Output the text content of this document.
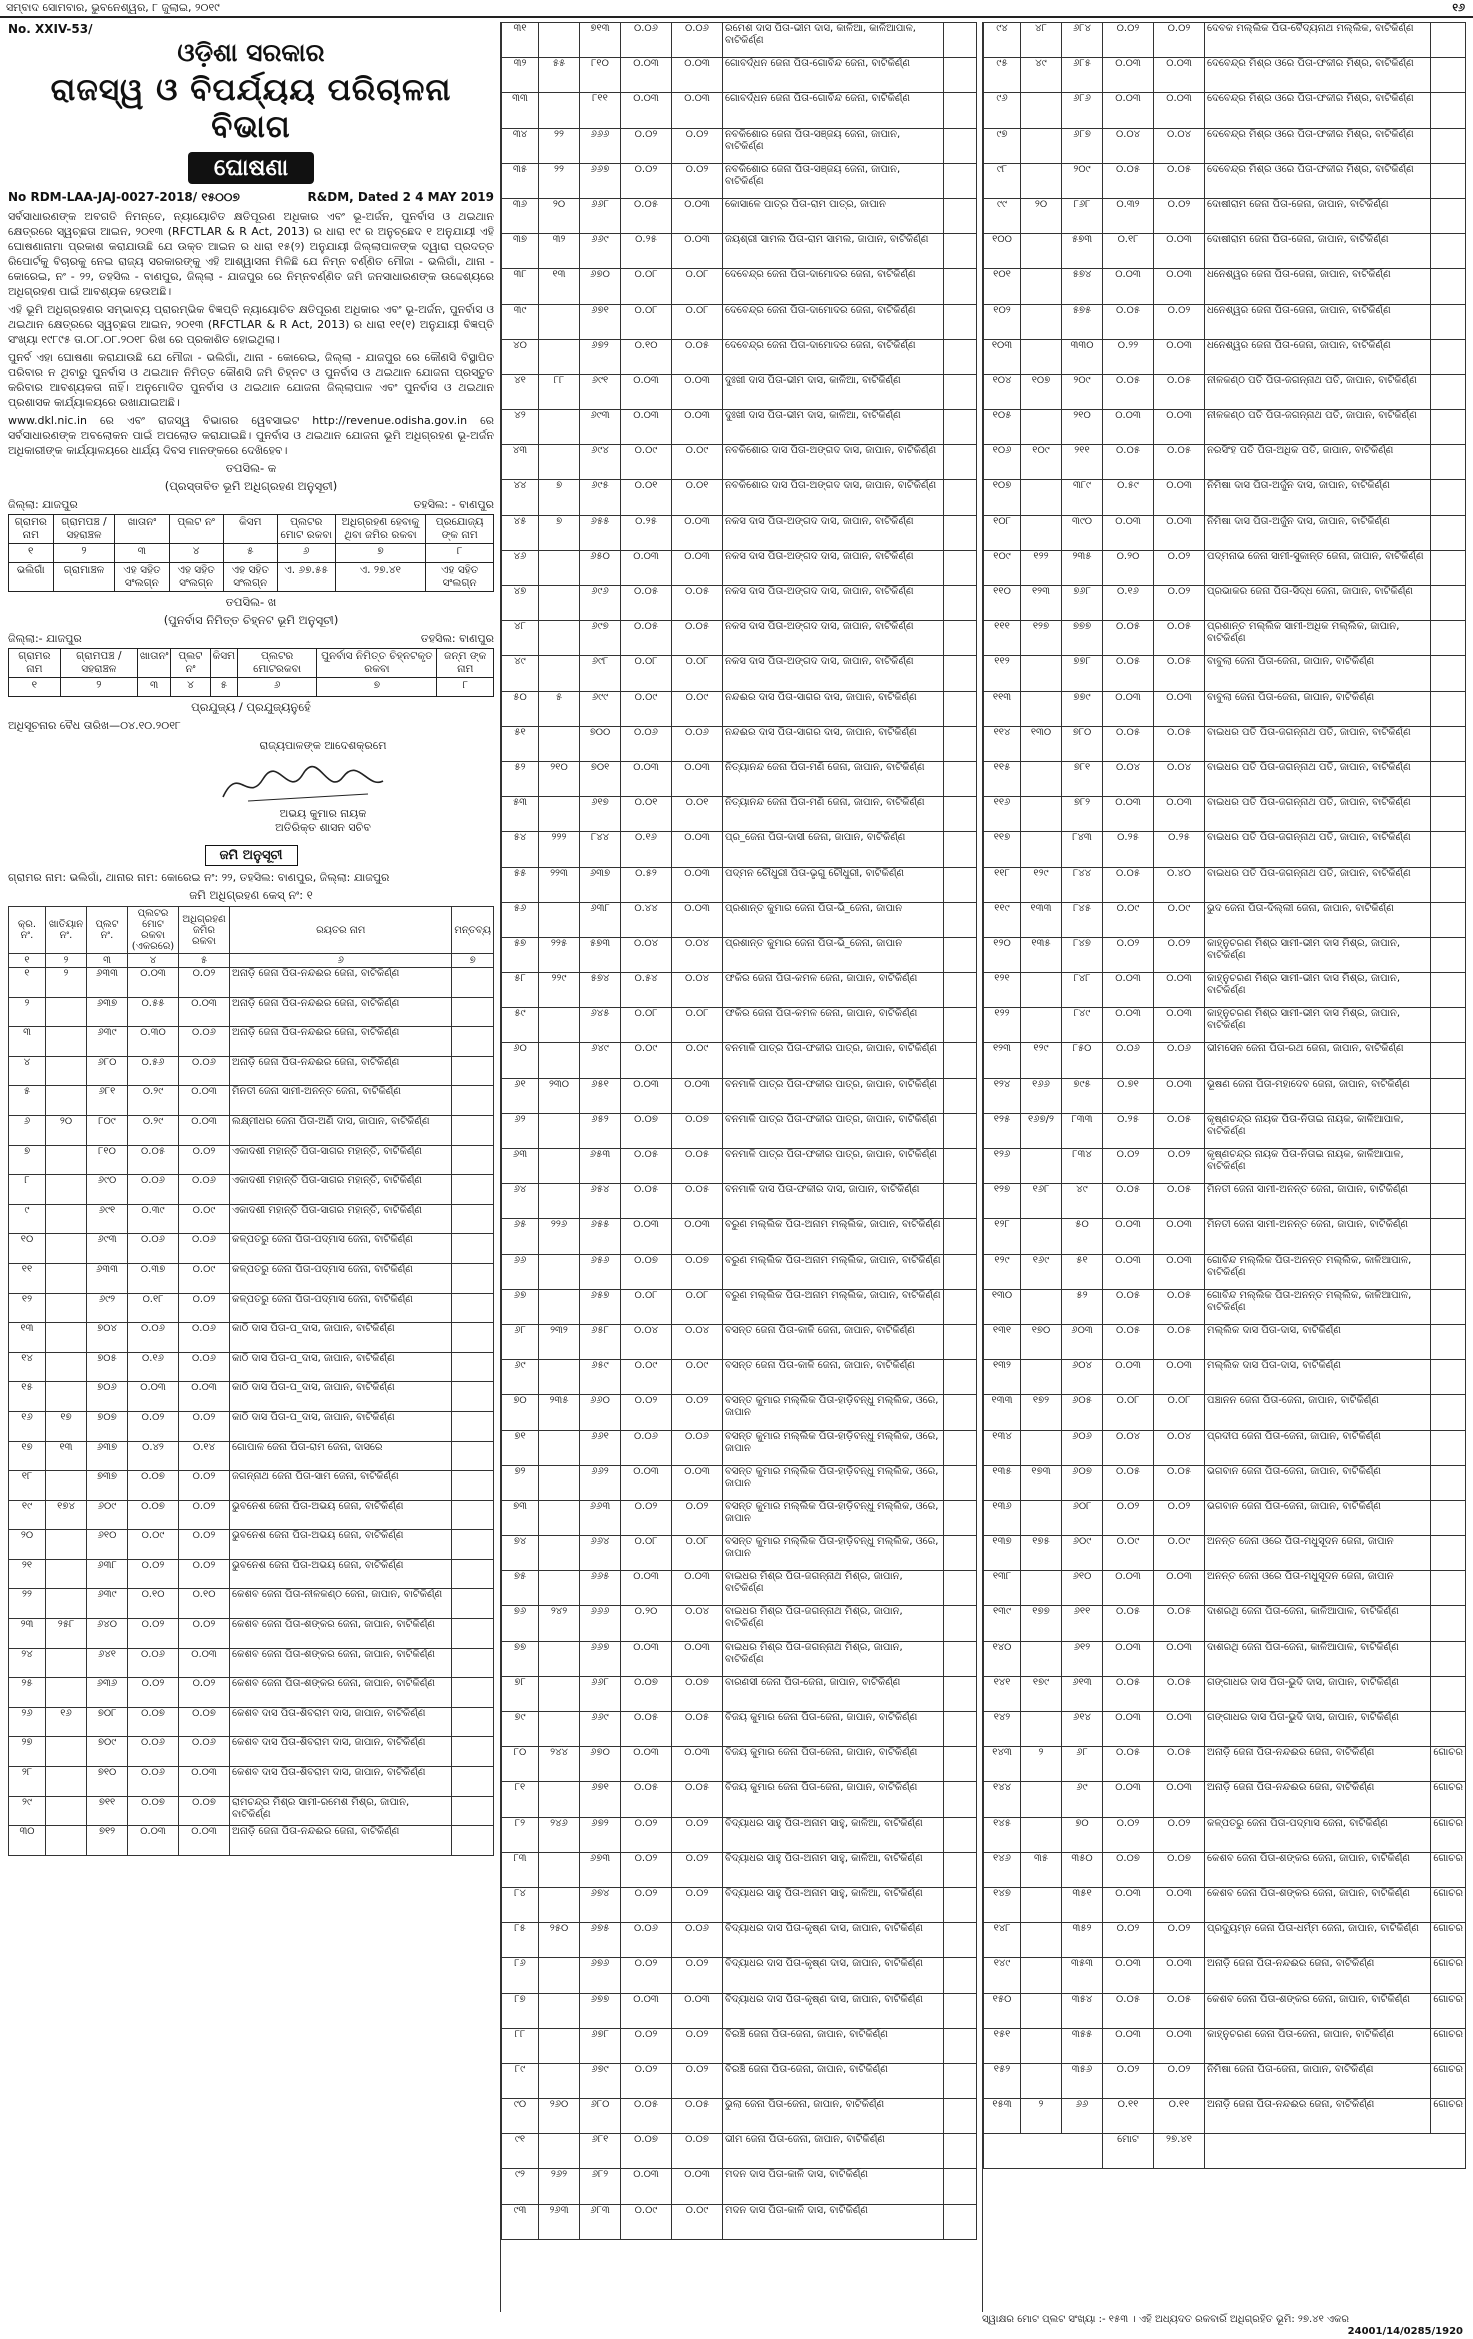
ସମ୍ବାଦ ସୋମବାର, ଭୁବନେଶ୍ୱର, ୮ ଜୁଲାଇ, ୨୦୧୯	୧୬
No. XXIV-53/
ଓଡ଼ିଶା ସରକାର
ରାଜସ୍ୱ ଓ ବିପର୍ଯ୍ୟୟ ପରିଚାଳନା ବିଭାଗ
ଘୋଷଣା
No RDM-LAA-JAJ-0027-2018/ ୧୫୦୦୭	R&DM, Dated 2 4 MAY 2019

ସର୍ବସାଧାରଣଙ୍କ ଅବଗତି ନିମନ୍ତେ, ନ୍ୟାୟୋଚିତ କ୍ଷତିପୂରଣ ଅଧିକାର ଏବଂ ଭୂ-ଅର୍ଜନ, ପୁନର୍ବାସ ଓ ଥଇଥାନ କ୍ଷେତ୍ରରେ ସ୍ୱଚ୍ଛତା ଆଇନ, ୨୦୧୩ (RFCTLAR & R Act, 2013) ର ଧାରା ୧୯ ର ଅନୁଚ୍ଛେଦ ୧ ଅନୁଯାୟୀ ଏହି ଘୋଷଣାନାମା ପ୍ରକାଶ କରାଯାଉଛି ଯେ ଉକ୍ତ ଆଇନ ର ଧାରା ୧୫(୨) ଅନୁଯାୟୀ ଜିଲ୍ଲାପାଳଙ୍କ ଦ୍ୱାରା ପ୍ରଦତ୍ତ ରିପୋର୍ଟକୁ ବିଚାରକୁ ନେଇ ରାଜ୍ୟ ସରକାରଙ୍କୁ ଏହି ଆଶ୍ୱାସନା ମିଳିଛି ଯେ ନିମ୍ନ ବର୍ଣ୍ଣିତ ମୌଜା - ଭଲିଗାଁ, ଥାନା - କୋରେଇ, ନଂ - ୨୨, ତହସିଲ - ବାଣପୁର, ଜିଲ୍ଲା - ଯାଜପୁର ରେ ନିମ୍ନବର୍ଣ୍ଣିତ ଜମି ଜନସାଧାରଣଙ୍କ ଉଦ୍ଦେଶ୍ୟରେ ଅଧିଗ୍ରହଣ ପାଇଁ ଆବଶ୍ୟକ ହେଉଅଛି।

ଏହି ଭୂମି ଅଧିଗ୍ରହଣର ସମ୍ଭାବ୍ୟ ପ୍ରାରମ୍ଭିକ ବିଜ୍ଞପ୍ତି ନ୍ୟାୟୋଚିତ କ୍ଷତିପୂରଣ ଅଧିକାର ଏବଂ ଭୂ-ଅର୍ଜନ, ପୁନର୍ବାସ ଓ ଥଇଥାନ କ୍ଷେତ୍ରରେ ସ୍ୱଚ୍ଛତା ଆଇନ, ୨୦୧୩ (RFCTLAR & R Act, 2013) ର ଧାରା ୧୧(୧) ଅନୁଯାୟୀ ବିଜ୍ଞପ୍ତି ସଂଖ୍ୟା ୧୯୮୯୫ ତା.୦୮.୦୮.୨୦୧୮ ରିଖ ରେ ପ୍ରକାଶିତ ହୋଇଥିଲା।

ପୁନର୍ବ ଏହା ଘୋଷଣା କରାଯାଉଛି ଯେ ମୌଜା - ଭଲିଗାଁ, ଥାନା - କୋରେଇ, ଜିଲ୍ଲା - ଯାଜପୁର ରେ କୌଣସି ବିସ୍ଥାପିତ ପରିବାର ନ ଥିବାରୁ ପୁନର୍ବାସ ଓ ଥଇଥାନ ନିମିତ୍ତ କୌଣସି ଜମି ଚିହ୍ନଟ ଓ ପୁନର୍ବାସ ଓ ଥଇଥାନ ଯୋଜନା ପ୍ରସ୍ତୁତ କରିବାର ଆବଶ୍ୟକତା ନାହିଁ। ଅନୁମୋଦିତ ପୁନର୍ବାସ ଓ ଥଇଥାନ ଯୋଜନା ଜିଲ୍ଲାପାଳ ଏବଂ ପୁନର୍ବାସ ଓ ଥଇଥାନ ପ୍ରଶାସକ କାର୍ଯ୍ୟାଳୟରେ ରଖାଯାଇଅଛି।

www.dkl.nic.in ରେ ଏବଂ ରାଜସ୍ୱ ବିଭାଗର ୱେବସାଇଟ http://revenue.odisha.gov.in ରେ ସର୍ବସାଧାରଣଙ୍କ ଅବଲୋକନ ପାଇଁ ଅପଲୋଡ କରାଯାଇଛି। ପୁନର୍ବାସ ଓ ଥଇଥାନ ଯୋଜନା ଭୂମି ଅଧିଗ୍ରହଣ ଭୂ-ଅର୍ଜନ ଅଧିକାରୀଙ୍କ କାର୍ଯ୍ୟାଳୟରେ ଧାର୍ଯ୍ୟ ଦିବସ ମାନଙ୍କରେ ଦେଖିହେବ।

ତପସିଲ- କ
(ପ୍ରସ୍ତାବିତ ଭୂମି ଅଧିଗ୍ରହଣ ଅନୁସୂଚୀ)
ଜିଲ୍ଲା: ଯାଜପୁର	ତହସିଲ: - ବାଣପୁର
ଗ୍ରାମର ନାମ	ଗ୍ରାମପଞ୍ଚ / ସହରାଞ୍ଚଳ	ଖାତାନଂ	ପ୍ଲଟ ନଂ	କିସମ	ପ୍ଲଟର ମୋଟ ରକବା	ଅଧିଗ୍ରହଣ ହେବାକୁ ଥିବା ଜମିର ରକବା	ପ୍ରଯୋଜ୍ୟ ଙ୍କ ନାମ
୧	୨	୩	୪	୫	୬	୭	୮
ଭଲିଗାଁ	ଗ୍ରାମାଞ୍ଚଳ	ଏହ ସହିତ ସଂଲଗ୍ନ	ଏହ ସହିତ ସଂଲଗ୍ନ	ଏହ ସହିତ ସଂଲଗ୍ନ	ଏ. ୬୭.୫୫	ଏ. ୨୭.୪୧	ଏହ ସହିତ ସଂଲଗ୍ନ
ତପସିଲ- ଖ
(ପୁନର୍ବାସ ନିମିତ୍ତ ଚିହ୍ନଟ ଭୂମି ଅନୁସୂଚୀ)
ଜିଲ୍ଲା:- ଯାଜପୁର	ତହସିଲ: ବାଣପୁର
ଗ୍ରାମର ନାମ	ଗ୍ରାମପଞ୍ଚ / ସହରାଞ୍ଚଳ	ଖାତାନଂ	ପ୍ଲଟ ନଂ	କିସମ	ପ୍ଲଟର ମୋଟରକବା	ପୁନର୍ବାସ ନିମିତ୍ତ ଚିହ୍ନଟକୃତ ରକବା	ଜନ୍ମ ଙ୍କ ନାମ
୧	୨	୩	୪	୫	୬	୭	୮
ପ୍ରଯୁଜ୍ୟ / ପ୍ରଯୁଜ୍ୟନୁହେଁ
ଅଧିସୂଚନାର ବୈଧ ତାରିଖ—୦୪.୧୦.୨୦୧୮
ରାଜ୍ୟପାଳଙ୍କ ଆଦେଶକ୍ରମେ
ଅଭୟ କୁମାର ନାୟକ
ଅତିରିକ୍ତ ଶାସନ ସଚିବ
ଜମି ଅନୁସୂଚୀ
ଗ୍ରାମର ନାମ: ଭଲିଗାଁ, ଥାନାର ନାମ: କୋରେଇ ନଂ: ୨୨, ତହସିଲ: ବାଣପୁର, ଜିଲ୍ଲା: ଯାଜପୁର
ଜମି ଅଧିଗ୍ରହଣ କେସ୍ ନଂ: ୧
କ୍ର. ନଂ.	ଖାତିୟାନ ନଂ.	ପ୍ଲଟ ନଂ.	ପ୍ଲଟର ମୋଟ ରକବା (ଏକରରେ)	ଅଧିଗ୍ରହଣ ଜମିର ରକବା	ରୟତର ନାମ	ମନ୍ତବ୍ୟ
୧	୨	୩	୪	୫	୬	୭
୧	୨	୬୩୩	୦.୦୩	୦.୦୨	ଅନାଡ଼ି ଜେନା ପିତା-ନନ୍ଦଈର ଜେନା, ବାଟିକିର୍ଣ୍ଣ	
୨		୬୩୭	୦.୫୫	୦.୦୩	ଅନାଡ଼ି ଜେନା ପିତା-ନନ୍ଦଈର ଜେନା, ବାଟିକିର୍ଣ୍ଣ	
୩		୬୩୯	୦.୩୦	୦.୦୬	ଅନାଡ଼ି ଜେନା ପିତା-ନନ୍ଦଈର ଜେନା, ବାଟିକିର୍ଣ୍ଣ	
୪		୬୮୦	୦.୫୬	୦.୦୬	ଅନାଡ଼ି ଜେନା ପିତା-ନନ୍ଦଈର ଜେନା, ବାଟିକିର୍ଣ୍ଣ	
୫		୬୮୧	୦.୨୯	୦.୦୩	ମିନତୀ ଜେନା ସାମୀ-ଅନନ୍ତ ଜେନା, ବାଟିକିର୍ଣ୍ଣ	
୬	୨୦	୮୦୯	୦.୨୯	୦.୦୩	ଲକ୍ଷ୍ମୀଧର ଜେନା ପିତା-ଅଣି ଦାସ, ଜାପାନ, ବାଟିକିର୍ଣ୍ଣ	
୭		୮୧୦	୦.୦୫	୦.୦୨	ଏକାଦଶୀ ମହାନ୍ତି ପିତା-ସାଗର ମହାନ୍ତି, ବାଟିକିର୍ଣ୍ଣ	
୮		୬୯୦	୦.୦୬	୦.୦୬	ଏକାଦଶୀ ମହାନ୍ତି ପିତା-ସାଗର ମହାନ୍ତି, ବାଟିକିର୍ଣ୍ଣ	
୯		୬୯୧	୦.୩୯	୦.୦୯	ଏକାଦଶୀ ମହାନ୍ତି ପିତା-ସାଗର ମହାନ୍ତି, ବାଟିକିର୍ଣ୍ଣ	
୧୦		୬୯୩	୦.୦୬	୦.୦୬	କଳ୍ପତରୁ ଜେନା ପିତା-ପଦ୍ମାସ ଜେନା, ବାଟିକିର୍ଣ୍ଣ	
୧୧		୬୩୩	୦.୩୭	୦.୦୯	କଳ୍ପତରୁ ଜେନା ପିତା-ପଦ୍ମାସ ଜେନା, ବାଟିକିର୍ଣ୍ଣ	
୧୨		୬୯୨	୦.୧୮	୦.୦୨	କଳ୍ପତରୁ ଜେନା ପିତା-ପଦ୍ମାସ ଜେନା, ବାଟିକିର୍ଣ୍ଣ	
୧୩		୭୦୪	୦.୦୬	୦.୦୬	କାଠି ଦାସ ପିତା-ପ_ଦାସ, ଜାପାନ, ବାଟିକିର୍ଣ୍ଣ	
୧୪		୭୦୫	୦.୧୬	୦.୦୬	କାଠି ଦାସ ପିତା-ପ_ଦାସ, ଜାପାନ, ବାଟିକିର୍ଣ୍ଣ	
୧୫		୭୦୬	୦.୦୩	୦.୦୩	କାଠି ଦାସ ପିତା-ପ_ଦାସ, ଜାପାନ, ବାଟିକିର୍ଣ୍ଣ	
୧୬	୧୭	୭୦୭	୦.୦୨	୦.୦୨	କାଠି ଦାସ ପିତା-ପ_ଦାସ, ଜାପାନ, ବାଟିକିର୍ଣ୍ଣ	
୧୭	୧୩	୬୩୭	୦.୪୨	୦.୧୪	ଗୋପାଳ ଜେନା ପିତା-ରାମ ଜେନା, ଦାସରେ	
୧୮		୭୩୭	୦.୦୭	୦.୦୨	ଜଗନ୍ନାଥ ଜେନା ପିତା-ସାମ ଜେନା, ବାଟିକିର୍ଣ୍ଣ	
୧୯	୧୭୪	୬୦୯	୦.୦୭	୦.୦୨	ଭୁବନେଶ ଜେନା ପିତା-ଅଭୟ ଜେନା, ବାଟିକିର୍ଣ୍ଣ	
୨୦		୬୧୦	୦.୦୯	୦.୦୨	ଭୁବନେଶ ଜେନା ପିତା-ଅଭୟ ଜେନା, ବାଟିକିର୍ଣ୍ଣ	
୨୧		୬୩୮	୦.୦୨	୦.୦୨	ଭୁବନେଶ ଜେନା ପିତା-ଅଭୟ ଜେନା, ବାଟିକିର୍ଣ୍ଣ	
୨୨		୬୩୯	୦.୧୦	୦.୧୦	କେଶବ ଜେନା ପିତା-ନୀଳକଣ୍ଠ ଜେନା, ଜାପାନ, ବାଟିକିର୍ଣ୍ଣ	
୨୩	୨୫୮	୬୪୦	୦.୦୨	୦.୦୨	କେଶବ ଜେନା ପିତା-ଶଙ୍କର ଜେନା, ଜାପାନ, ବାଟିକିର୍ଣ୍ଣ	
୨୪		୬୪୧	୦.୦୬	୦.୦୩	କେଶବ ଜେନା ପିତା-ଶଙ୍କର ଜେନା, ଜାପାନ, ବାଟିକିର୍ଣ୍ଣ	
୨୫		୬୩୬	୦.୦୨	୦.୦୨	କେଶବ ଜେନା ପିତା-ଶଙ୍କର ଜେନା, ଜାପାନ, ବାଟିକିର୍ଣ୍ଣ	
୨୬	୧୬	୭୦୮	୦.୦୭	୦.୦୭	କେଶବ ଦାସ ପିତା-ଶିବରାମ ଦାସ, ଜାପାନ, ବାଟିକିର୍ଣ୍ଣ	
୨୭		୭୦୯	୦.୦୬	୦.୦୬	କେଶବ ଦାସ ପିତା-ଶିବରାମ ଦାସ, ଜାପାନ, ବାଟିକିର୍ଣ୍ଣ	
୨୮		୭୧୦	୦.୦୬	୦.୦୩	କେଶବ ଦାସ ପିତା-ଶିବରାମ ଦାସ, ଜାପାନ, ବାଟିକିର୍ଣ୍ଣ	
୨୯		୭୧୧	୦.୦୭	୦.୦୭	ରାମଚନ୍ଦ୍ର ମିଶ୍ର ସାମୀ-ରମେଶ ମିଶ୍ର, ଜାପାନ, ବାଟିକିର୍ଣ୍ଣ	
୩୦		୭୧୨	୦.୦୩	୦.୦୩	ଅନାଡ଼ି ଜେନା ପିତା-ନନ୍ଦଈର ଜେନା, ବାଟିକିର୍ଣ୍ଣ	
୩୧		୭୧୩	୦.୦୬	୦.୦୬	ରମେଶ ଦାସ ପିତା-ଭୀମ ଦାସ, କାଳିଆ, କାଳିଆପାଳ, ବାଟିକିର୍ଣ୍ଣ	
୩୨	୫୫	୮୧୦	୦.୦୩	୦.୦୩	ଗୋବର୍ଦ୍ଧନ ଜେନା ପିତା-ଗୋବିନ୍ଦ ଜେନା, ବାଟିକିର୍ଣ୍ଣ	
୩୩		୮୧୧	୦.୦୩	୦.୦୩	ଗୋବର୍ଦ୍ଧନ ଜେନା ପିତା-ଗୋବିନ୍ଦ ଜେନା, ବାଟିକିର୍ଣ୍ଣ	
୩୪	୨୨	୬୬୬	୦.୦୨	୦.୦୨	ନବକିଶୋର ଜେନା ପିତା-ସଞ୍ଜୟ ଜେନା, ଜାପାନ, ବାଟିକିର୍ଣ୍ଣ	
୩୫	୨୨	୬୬୭	୦.୦୨	୦.୦୨	ନବକିଶୋର ଜେନା ପିତା-ସଞ୍ଜୟ ଜେନା, ଜାପାନ, ବାଟିକିର୍ଣ୍ଣ	
୩୬	୨୦	୬୬୮	୦.୦୫	୦.୦୩	କୋସାଳେ ପାତ୍ର ପିତା-ରାମ ପାତ୍ର, ଜାପାନ	
୩୭	୩୨	୬୬୯	୦.୨୫	୦.୦୩	ଜୟଶ୍ରୀ ସାମଲ ପିତା-ରାମ ସାମଲ, ଜାପାନ, ବାଟିକିର୍ଣ୍ଣ	
୩୮	୧୩	୬୭୦	୦.୦୮	୦.୦୮	ଦେବେନ୍ଦ୍ର ଜେନା ପିତା-ଦାମୋଦର ଜେନା, ବାଟିକିର୍ଣ୍ଣ	
୩୯		୬୭୧	୦.୦୮	୦.୦୮	ଦେବେନ୍ଦ୍ର ଜେନା ପିତା-ଦାମୋଦର ଜେନା, ବାଟିକିର୍ଣ୍ଣ	
୪୦		୬୭୨	୦.୧୦	୦.୦୫	ଦେବେନ୍ଦ୍ର ଜେନା ପିତା-ଦାମୋଦର ଜେନା, ବାଟିକିର୍ଣ୍ଣ	
୪୧	୮୮	୬୯୧	୦.୦୩	୦.୦୩	ଦୁଃଖୀ ଦାସ ପିତା-ଭୀମ ଦାସ, କାଳିଆ, ବାଟିକିର୍ଣ୍ଣ	
୪୨		୬୯୩	୦.୦୩	୦.୦୩	ଦୁଃଖୀ ଦାସ ପିତା-ଭୀମ ଦାସ, କାଳିଆ, ବାଟିକିର୍ଣ୍ଣ	
୪୩		୬୯୪	୦.୦୯	୦.୦୯	ନବକିଶୋର ଦାସ ପିତା-ଅଙ୍ଗଦ ଦାସ, ଜାପାନ, ବାଟିକିର୍ଣ୍ଣ	
୪୪	୭	୬୯୫	୦.୦୧	୦.୦୧	ନବକିଶୋର ଦାସ ପିତା-ଅଙ୍ଗଦ ଦାସ, ଜାପାନ, ବାଟିକିର୍ଣ୍ଣ	
୪୫	୭	୬୫୫	୦.୨୫	୦.୦୩	ନକସ ଦାସ ପିତା-ଅଙ୍ଗଦ ଦାସ, ଜାପାନ, ବାଟିକିର୍ଣ୍ଣ	
୪୬		୬୫୦	୦.୦୩	୦.୦୩	ନକସ ଦାସ ପିତା-ଅଙ୍ଗଦ ଦାସ, ଜାପାନ, ବାଟିକିର୍ଣ୍ଣ	
୪୭		୬୯୬	୦.୦୫	୦.୦୫	ନକସ ଦାସ ପିତା-ଅଙ୍ଗଦ ଦାସ, ଜାପାନ, ବାଟିକିର୍ଣ୍ଣ	
୪୮		୬୯୭	୦.୦୫	୦.୦୫	ନକସ ଦାସ ପିତା-ଅଙ୍ଗଦ ଦାସ, ଜାପାନ, ବାଟିକିର୍ଣ୍ଣ	
୪୯		୬୯୮	୦.୦୮	୦.୦୮	ନକସ ଦାସ ପିତା-ଅଙ୍ଗଦ ଦାସ, ଜାପାନ, ବାଟିକିର୍ଣ୍ଣ	
୫୦	୫	୬୯୯	୦.୦୯	୦.୦୯	ନନ୍ଦଈର ଦାସ ପିତା-ସାଗର ଦାସ, ଜାପାନ, ବାଟିକିର୍ଣ୍ଣ	
୫୧		୭୦୦	୦.୦୬	୦.୦୬	ନନ୍ଦଈର ଦାସ ପିତା-ସାଗର ଦାସ, ଜାପାନ, ବାଟିକିର୍ଣ୍ଣ	
୫୨	୨୧୦	୭୦୧	୦.୦୩	୦.୦୩	ନିତ୍ୟାନନ୍ଦ ଜେନା ପିତା-ମଣି ଜେନା, ଜାପାନ, ବାଟିକିର୍ଣ୍ଣ	
୫୩		୬୧୭	୦.୦୧	୦.୦୧	ନିତ୍ୟାନନ୍ଦ ଜେନା ପିତା-ମଣି ଜେନା, ଜାପାନ, ବାଟିକିର୍ଣ୍ଣ	
୫୪	୨୨୨	୮୪୪	୦.୧୬	୦.୦୩	ପ୍ର_ଜେନା ପିତା-ଦାସୀ ଜେନା, ଜାପାନ, ବାଟିକିର୍ଣ୍ଣ	
୫୫	୨୨୩	୬୩୭	୦.୫୨	୦.୦୩	ପଦ୍ମନ ଚୌଧୁରୀ ପିତା-ଭୃଗୁ ଚୌଧୁରୀ, ବାଟିକିର୍ଣ୍ଣ	
୫୬		୬୩୮	୦.୪୪	୦.୦୩	ପ୍ରଶାନ୍ତ କୁମାର ଜେନା ପିତା-ଭି_ଜେନା, ଜାପାନ	
୫୭	୨୨୫	୫୭୩	୦.୦୪	୦.୦୪	ପ୍ରଶାନ୍ତ କୁମାର ଜେନା ପିତା-ଭି_ଜେନା, ଜାପାନ	
୫୮	୨୨୯	୫୭୪	୦.୫୪	୦.୦୪	ଫକିର ଜେନା ପିତା-କମଳ ଜେନା, ଜାପାନ, ବାଟିକିର୍ଣ୍ଣ	
୫୯		୬୪୫	୦.୦୮	୦.୦୮	ଫକିର ଜେନା ପିତା-କମଳ ଜେନା, ଜାପାନ, ବାଟିକିର୍ଣ୍ଣ	
୬୦		୬୪୯	୦.୦୯	୦.୦୯	ବନମାଳି ପାତ୍ର ପିତା-ଫକୀର ପାତ୍ର, ଜାପାନ, ବାଟିକିର୍ଣ୍ଣ	
୬୧	୨୩୦	୬୫୧	୦.୦୩	୦.୦୩	ବନମାଳି ପାତ୍ର ପିତା-ଫକୀର ପାତ୍ର, ଜାପାନ, ବାଟିକିର୍ଣ୍ଣ	
୬୨		୬୫୨	୦.୦୭	୦.୦୭	ବନମାଳି ପାତ୍ର ପିତା-ଫକୀର ପାତ୍ର, ଜାପାନ, ବାଟିକିର୍ଣ୍ଣ	
୬୩		୬୫୩	୦.୦୫	୦.୦୫	ବନମାଳି ପାତ୍ର ପିତା-ଫକୀର ପାତ୍ର, ଜାପାନ, ବାଟିକିର୍ଣ୍ଣ	
୬୪		୬୫୪	୦.୦୫	୦.୦୫	ବନମାଳି ଦାସ ପିତା-ଫକୀର ଦାସ, ଜାପାନ, ବାଟିକିର୍ଣ୍ଣ	
୬୫	୨୨୬	୬୫୫	୦.୦୩	୦.୦୩	ବରୁଣ ମଲ୍ଲିକ ପିତା-ଅନାମ ମଲ୍ଲିକ, ଜାପାନ, ବାଟିକିର୍ଣ୍ଣ	
୬୬		୬୫୬	୦.୦୭	୦.୦୭	ବରୁଣ ମଲ୍ଲିକ ପିତା-ଅନାମ ମଲ୍ଲିକ, ଜାପାନ, ବାଟିକିର୍ଣ୍ଣ	
୬୭		୬୫୭	୦.୦୮	୦.୦୮	ବରୁଣ ମଲ୍ଲିକ ପିତା-ଅନାମ ମଲ୍ଲିକ, ଜାପାନ, ବାଟିକିର୍ଣ୍ଣ	
୬୮	୨୩୨	୬୫୮	୦.୦୪	୦.୦୪	ବସନ୍ତ ଜେନା ପିତା-କାଳି ଜେନା, ଜାପାନ, ବାଟିକିର୍ଣ୍ଣ	
୬୯		୬୫୯	୦.୦୯	୦.୦୯	ବସନ୍ତ ଜେନା ପିତା-କାଳି ଜେନା, ଜାପାନ, ବାଟିକିର୍ଣ୍ଣ	
୭୦	୨୩୫	୬୬୦	୦.୦୨	୦.୦୨	ବସନ୍ତ କୁମାର ମଲ୍ଲିକ ପିତା-ହାଡ଼ିବନ୍ଧୁ ମଲ୍ଲିକ, ଓରେ, ଜାପାନ	
୭୧		୬୬୧	୦.୦୬	୦.୦୬	ବସନ୍ତ କୁମାର ମଲ୍ଲିକ ପିତା-ହାଡ଼ିବନ୍ଧୁ ମଲ୍ଲିକ, ଓରେ, ଜାପାନ	
୭୨		୬୬୨	୦.୦୩	୦.୦୩	ବସନ୍ତ କୁମାର ମଲ୍ଲିକ ପିତା-ହାଡ଼ିବନ୍ଧୁ ମଲ୍ଲିକ, ଓରେ, ଜାପାନ	
୭୩		୬୬୩	୦.୦୨	୦.୦୨	ବସନ୍ତ କୁମାର ମଲ୍ଲିକ ପିତା-ହାଡ଼ିବନ୍ଧୁ ମଲ୍ଲିକ, ଓରେ, ଜାପାନ	
୭୪		୬୬୪	୦.୦୮	୦.୦୮	ବସନ୍ତ କୁମାର ମଲ୍ଲିକ ପିତା-ହାଡ଼ିବନ୍ଧୁ ମଲ୍ଲିକ, ଓରେ, ଜାପାନ	
୭୫		୬୬୫	୦.୦୩	୦.୦୩	ବାଇଧର ମିଶ୍ର ପିତା-ଜଗନ୍ନାଥ ମିଶ୍ର, ଜାପାନ, ବାଟିକିର୍ଣ୍ଣ	
୭୬	୨୪୨	୬୬୬	୦.୨୦	୦.୦୪	ବାଇଧର ମିଶ୍ର ପିତା-ଜଗନ୍ନାଥ ମିଶ୍ର, ଜାପାନ, ବାଟିକିର୍ଣ୍ଣ	
୭୭		୬୬୭	୦.୦୩	୦.୦୩	ବାଇଧର ମିଶ୍ର ପିତା-ଜଗନ୍ନାଥ ମିଶ୍ର, ଜାପାନ, ବାଟିକିର୍ଣ୍ଣ	
୭୮		୬୬୮	୦.୦୭	୦.୦୭	ବାରଣସୀ ଜେନା ପିତା-ଜେନା, ଜାପାନ, ବାଟିକିର୍ଣ୍ଣ	
୭୯		୬୬୯	୦.୦୫	୦.୦୫	ବିଜୟ କୁମାର ଜେନା ପିତା-ଜେନା, ଜାପାନ, ବାଟିକିର୍ଣ୍ଣ	
୮୦	୨୪୪	୬୭୦	୦.୦୩	୦.୦୩	ବିଜୟ କୁମାର ଜେନା ପିତା-ଜେନା, ଜାପାନ, ବାଟିକିର୍ଣ୍ଣ	
୮୧		୬୭୧	୦.୦୫	୦.୦୫	ବିଜୟ କୁମାର ଜେନା ପିତା-ଜେନା, ଜାପାନ, ବାଟିକିର୍ଣ୍ଣ	
୮୨	୨୪୬	୬୭୨	୦.୦୨	୦.୦୨	ବିଦ୍ୟାଧର ସାହୁ ପିତା-ଅନାମ ସାହୁ, କାଳିଆ, ବାଟିକିର୍ଣ୍ଣ	
୮୩		୬୭୩	୦.୦୨	୦.୦୨	ବିଦ୍ୟାଧର ସାହୁ ପିତା-ଅନାମ ସାହୁ, କାଳିଆ, ବାଟିକିର୍ଣ୍ଣ	
୮୪		୬୭୪	୦.୦୨	୦.୦୨	ବିଦ୍ୟାଧର ସାହୁ ପିତା-ଅନାମ ସାହୁ, କାଳିଆ, ବାଟିକିର୍ଣ୍ଣ	
୮୫	୨୫୦	୬୭୫	୦.୦୬	୦.୦୬	ବିଦ୍ୟାଧର ଦାସ ପିତା-କୃଷ୍ଣ ଦାସ, ଜାପାନ, ବାଟିକିର୍ଣ୍ଣ	
୮୬		୬୭୬	୦.୦୨	୦.୦୨	ବିଦ୍ୟାଧର ଦାସ ପିତା-କୃଷ୍ଣ ଦାସ, ଜାପାନ, ବାଟିକିର୍ଣ୍ଣ	
୮୭		୬୭୭	୦.୦୩	୦.୦୩	ବିଦ୍ୟାଧର ଦାସ ପିତା-କୃଷ୍ଣ ଦାସ, ଜାପାନ, ବାଟିକିର୍ଣ୍ଣ	
୮୮		୬୭୮	୦.୦୨	୦.୦୨	ବିରଞ୍ଚି ଜେନା ପିତା-ଜେନା, ଜାପାନ, ବାଟିକିର୍ଣ୍ଣ	
୮୯		୬୭୯	୦.୦୨	୦.୦୨	ବିରଞ୍ଚି ଜେନା ପିତା-ଜେନା, ଜାପାନ, ବାଟିକିର୍ଣ୍ଣ	
୯୦	୨୬୦	୬୮୦	୦.୦୫	୦.୦୫	ଭୁଲା ଜେନା ପିତା-ଜେନା, ଜାପାନ, ବାଟିକିର୍ଣ୍ଣ	
୯୧		୬୮୧	୦.୦୭	୦.୦୭	ଭୀମ ଜେନା ପିତା-ଜେନା, ଜାପାନ, ବାଟିକିର୍ଣ୍ଣ	
୯୨	୨୬୨	୬୮୨	୦.୦୩	୦.୦୩	ମଦନ ଦାସ ପିତା-କାଳି ଦାସ, ବାଟିକିର୍ଣ୍ଣ	
୯୩	୨୬୩	୬୮୩	୦.୦୯	୦.୦୯	ମଦନ ଦାସ ପିତା-କାଳି ଦାସ, ବାଟିକିର୍ଣ୍ଣ	
୯୪	୪୮	୬୮୪	୦.୦୨	୦.୦୨	ଦେବକ ମଲ୍ଲିକ ପିତା-ବୈଦ୍ୟନାଥ ମଲ୍ଲିକ, ବାଟିକିର୍ଣ୍ଣ	
୯୫	୪୯	୬୮୫	୦.୦୩	୦.୦୩	ଦେବେନ୍ଦ୍ର ମିଶ୍ର ଓରେ ପିତା-ଫକୀର ମିଶ୍ର, ବାଟିକିର୍ଣ୍ଣ	
୯୬		୬୮୬	୦.୦୩	୦.୦୩	ଦେବେନ୍ଦ୍ର ମିଶ୍ର ଓରେ ପିତା-ଫକୀର ମିଶ୍ର, ବାଟିକିର୍ଣ୍ଣ	
୯୭		୬୮୭	୦.୦୪	୦.୦୪	ଦେବେନ୍ଦ୍ର ମିଶ୍ର ଓରେ ପିତା-ଫକୀର ମିଶ୍ର, ବାଟିକିର୍ଣ୍ଣ	
୯୮		୨୦୯	୦.୦୫	୦.୦୫	ଦେବେନ୍ଦ୍ର ମିଶ୍ର ଓରେ ପିତା-ଫକୀର ମିଶ୍ର, ବାଟିକିର୍ଣ୍ଣ	
୯୯	୨୦	୮୬୮	୦.୩୨	୦.୦୨	ଦୋଷୀରାମ ଜେନା ପିତା-ଜେନା, ଜାପାନ, ବାଟିକିର୍ଣ୍ଣ	
୧୦୦		୫୭୩	୦.୧୮	୦.୦୩	ଦୋଷୀରାମ ଜେନା ପିତା-ଜେନା, ଜାପାନ, ବାଟିକିର୍ଣ୍ଣ	
୧୦୧		୫୭୪	୦.୦୩	୦.୦୩	ଧନେଶ୍ୱର ଜେନା ପିତା-ଜେନା, ଜାପାନ, ବାଟିକିର୍ଣ୍ଣ	
୧୦୨		୫୭୫	୦.୦୫	୦.୦୨	ଧନେଶ୍ୱର ଜେନା ପିତା-ଜେନା, ଜାପାନ, ବାଟିକିର୍ଣ୍ଣ	
୧୦୩		୩୩୦	୦.୨୨	୦.୦୩	ଧନେଶ୍ୱର ଜେନା ପିତା-ଜେନା, ଜାପାନ, ବାଟିକିର୍ଣ୍ଣ	
୧୦୪	୧୦୭	୨୦୯	୦.୦୫	୦.୦୫	ନୀଳକଣ୍ଠ ପତି ପିତା-ଜଗନ୍ନାଥ ପତି, ଜାପାନ, ବାଟିକିର୍ଣ୍ଣ	
୧୦୫		୨୧୦	୦.୦୩	୦.୦୩	ନୀଳକଣ୍ଠ ପତି ପିତା-ଜଗନ୍ନାଥ ପତି, ଜାପାନ, ବାଟିକିର୍ଣ୍ଣ	
୧୦୬	୧୦୯	୨୧୧	୦.୦୫	୦.୦୫	ନରସିଂହ ପତି ପିତା-ଅଧିକ ପତି, ଜାପାନ, ବାଟିକିର୍ଣ୍ଣ	
୧୦୭		୩୮୯	୦.୫୯	୦.୦୩	ନିମିଷା ଦାସ ପିତା-ଅର୍ଜୁନ ଦାସ, ଜାପାନ, ବାଟିକିର୍ଣ୍ଣ	
୧୦୮		୩୯୦	୦.୦୩	୦.୦୩	ନିମିଷା ଦାସ ପିତା-ଅର୍ଜୁନ ଦାସ, ଜାପାନ, ବାଟିକିର୍ଣ୍ଣ	
୧୦୯	୧୨୨	୨୩୫	୦.୨୦	୦.୦୨	ପଦ୍ମନାଭ ଜେନା ସାମୀ-ସୁକାନ୍ତ ଜେନା, ଜାପାନ, ବାଟିକିର୍ଣ୍ଣ	
୧୧୦	୧୨୩	୭୬୮	୦.୧୬	୦.୦୨	ପ୍ରଭାକର ଜେନା ପିତା-ସିଦ୍ଧ ଜେନା, ଜାପାନ, ବାଟିକିର୍ଣ୍ଣ	
୧୧୧	୧୨୭	୭୭୭	୦.୦୫	୦.୦୫	ପ୍ରଶାନ୍ତ ମଲ୍ଲିକ ସାମୀ-ଅଧିକ ମଲ୍ଲିକ, ଜାପାନ, ବାଟିକିର୍ଣ୍ଣ	
୧୧୨		୭୭୮	୦.୦୫	୦.୦୫	ବାବୁଲା ଜେନା ପିତା-ଜେନା, ଜାପାନ, ବାଟିକିର୍ଣ୍ଣ	
୧୧୩		୭୭୯	୦.୦୩	୦.୦୩	ବାବୁଲା ଜେନା ପିତା-ଜେନା, ଜାପାନ, ବାଟିକିର୍ଣ୍ଣ	
୧୧୪	୧୩୦	୭୮୦	୦.୦୫	୦.୦୫	ବାଇଧର ପତି ପିତା-ଜଗନ୍ନାଥ ପତି, ଜାପାନ, ବାଟିକିର୍ଣ୍ଣ	
୧୧୫		୭୮୧	୦.୦୪	୦.୦୪	ବାଇଧର ପତି ପିତା-ଜଗନ୍ନାଥ ପତି, ଜାପାନ, ବାଟିକିର୍ଣ୍ଣ	
୧୧୬		୭୮୨	୦.୦୩	୦.୦୩	ବାଇଧର ପତି ପିତା-ଜଗନ୍ନାଥ ପତି, ଜାପାନ, ବାଟିକିର୍ଣ୍ଣ	
୧୧୭		୮୪୩	୦.୨୫	୦.୨୫	ବାଇଧର ପତି ପିତା-ଜଗନ୍ନାଥ ପତି, ଜାପାନ, ବାଟିକିର୍ଣ୍ଣ	
୧୧୮	୧୨୯	୮୪୪	୦.୦୫	୦.୪୦	ବାଇଧର ପତି ପିତା-ଜଗନ୍ନାଥ ପତି, ଜାପାନ, ବାଟିକିର୍ଣ୍ଣ	
୧୧୯	୧୩୩	୮୪୫	୦.୦୯	୦.୦୯	ଭୁଦ ଜେନା ପିତା-ଦିଲ୍ଲୀ ଜେନା, ଜାପାନ, ବାଟିକିର୍ଣ୍ଣ	
୧୨୦	୧୩୫	୮୪୭	୦.୦୨	୦.୦୨	କାହ୍ନୁଚରଣ ମିଶ୍ର ସାମୀ-ଭୀମ ଦାସ ମିଶ୍ର, ଜାପାନ, ବାଟିକିର୍ଣ୍ଣ	
୧୨୧		୮୪୮	୦.୦୩	୦.୦୩	କାହ୍ନୁଚରଣ ମିଶ୍ର ସାମୀ-ଭୀମ ଦାସ ମିଶ୍ର, ଜାପାନ, ବାଟିକିର୍ଣ୍ଣ	
୧୨୨		୮୪୯	୦.୦୩	୦.୦୩	କାହ୍ନୁଚରଣ ମିଶ୍ର ସାମୀ-ଭୀମ ଦାସ ମିଶ୍ର, ଜାପାନ, ବାଟିକିର୍ଣ୍ଣ	
୧୨୩	୧୨୯	୮୫୦	୦.୦୬	୦.୦୬	ଭୀମସେନ ଜେନା ପିତା-ରଥ ଜେନା, ଜାପାନ, ବାଟିକିର୍ଣ୍ଣ	
୧୨୪	୧୬୬	୭୯୫	୦.୭୧	୦.୦୩	ଭୂଷଣ ଜେନା ପିତା-ମହାଦେବ ଜେନା, ଜାପାନ, ବାଟିକିର୍ଣ୍ଣ	
୧୨୫	୧୬୭/୨	୮୩୩	୦.୨୫	୦.୦୫	କୃଷ୍ଣଚନ୍ଦ୍ର ନାୟକ ପିତା-ନିତାଇ ନାୟକ, କାଳିଆପାଳ, ବାଟିକିର୍ଣ୍ଣ	
୧୨୬		୮୩୪	୦.୦୨	୦.୦୨	କୃଷ୍ଣଚନ୍ଦ୍ର ନାୟକ ପିତା-ନିତାଇ ନାୟକ, କାଳିଆପାଳ, ବାଟିକିର୍ଣ୍ଣ	
୧୨୭	୧୬୮	୪୯	୦.୦୫	୦.୦୫	ମିନତୀ ଜେନା ସାମୀ-ଅନନ୍ତ ଜେନା, ଜାପାନ, ବାଟିକିର୍ଣ୍ଣ	
୧୨୮		୫୦	୦.୦୩	୦.୦୩	ମିନତୀ ଜେନା ସାମୀ-ଅନନ୍ତ ଜେନା, ଜାପାନ, ବାଟିକିର୍ଣ୍ଣ	
୧୨୯	୧୬୯	୫୧	୦.୦୩	୦.୦୩	ଗୋବିନ୍ଦ ମଲ୍ଲିକ ପିତା-ଅନନ୍ତ ମଲ୍ଲିକ, କାଳିଆପାଳ, ବାଟିକିର୍ଣ୍ଣ	
୧୩୦		୫୨	୦.୦୫	୦.୦୫	ଗୋବିନ୍ଦ ମଲ୍ଲିକ ପିତା-ଅନନ୍ତ ମଲ୍ଲିକ, କାଳିଆପାଳ, ବାଟିକିର୍ଣ୍ଣ	
୧୩୧	୧୭୦	୬୦୩	୦.୦୫	୦.୦୫	ମଲ୍ଲିକ ଦାସ ପିତା-ଦାସ, ବାଟିକିର୍ଣ୍ଣ	
୧୩୨		୬୦୪	୦.୦୩	୦.୦୩	ମଲ୍ଲିକ ଦାସ ପିତା-ଦାସ, ବାଟିକିର୍ଣ୍ଣ	
୧୩୩	୧୭୨	୬୦୫	୦.୦୮	୦.୦୮	ପଞ୍ଚାନନ ଜେନା ପିତା-ଜେନା, ଜାପାନ, ବାଟିକିର୍ଣ୍ଣ	
୧୩୪		୬୦୬	୦.୦୪	୦.୦୪	ପ୍ରଦୀପ ଜେନା ପିତା-ଜେନା, ଜାପାନ, ବାଟିକିର୍ଣ୍ଣ	
୧୩୫	୧୭୩	୬୦୭	୦.୦୫	୦.୦୫	ଭଗବାନ ଜେନା ପିତା-ଜେନା, ଜାପାନ, ବାଟିକିର୍ଣ୍ଣ	
୧୩୬		୬୦୮	୦.୦୨	୦.୦୨	ଭଗବାନ ଜେନା ପିତା-ଜେନା, ଜାପାନ, ବାଟିକିର୍ଣ୍ଣ	
୧୩୭	୧୭୫	୬୦୯	୦.୦୯	୦.୦୯	ଅନନ୍ତ ଜେନା ଓରେ ପିତା-ମଧୁସୂଦନ ଜେନା, ଜାପାନ	
୧୩୮		୬୧୦	୦.୦୩	୦.୦୩	ଅନନ୍ତ ଜେନା ଓରେ ପିତା-ମଧୁସୂଦନ ଜେନା, ଜାପାନ	
୧୩୯	୧୭୭	୬୧୧	୦.୦୫	୦.୦୫	ଦାଶରଥି ଜେନା ପିତା-ଜେନା, କାଳିଆପାଳ, ବାଟିକିର୍ଣ୍ଣ	
୧୪୦		୬୧୨	୦.୦୩	୦.୦୩	ଦାଶରଥି ଜେନା ପିତା-ଜେନା, କାଳିଆପାଳ, ବାଟିକିର୍ଣ୍ଣ	
୧୪୧	୧୭୯	୬୧୩	୦.୦୫	୦.୦୫	ଗଙ୍ଗାଧର ଦାସ ପିତା-ଭୁଦି ଦାସ, ଜାପାନ, ବାଟିକିର୍ଣ୍ଣ	
୧୪୨		୬୧୪	୦.୦୩	୦.୦୩	ଗଙ୍ଗାଧର ଦାସ ପିତା-ଭୁଦି ଦାସ, ଜାପାନ, ବାଟିକିର୍ଣ୍ଣ	
୧୪୩	୨	୬୮	୦.୦୫	୦.୦୫	ଅନାଡ଼ି ଜେନା ପିତା-ନନ୍ଦଈର ଜେନା, ବାଟିକିର୍ଣ୍ଣ	ଗୋଚର
୧୪୪		୬୯	୦.୦୩	୦.୦୩	ଅନାଡ଼ି ଜେନା ପିତା-ନନ୍ଦଈର ଜେନା, ବାଟିକିର୍ଣ୍ଣ	ଗୋଚର
୧୪୫		୭୦	୦.୦୨	୦.୦୨	କଳ୍ପତରୁ ଜେନା ପିତା-ପଦ୍ମାସ ଜେନା, ବାଟିକିର୍ଣ୍ଣ	ଗୋଚର
୧୪୬	୩୫	୩୫୦	୦.୦୭	୦.୦୭	କେଶବ ଜେନା ପିତା-ଶଙ୍କର ଜେନା, ଜାପାନ, ବାଟିକିର୍ଣ୍ଣ	ଗୋଚର
୧୪୭		୩୫୧	୦.୦୩	୦.୦୩	କେଶବ ଜେନା ପିତା-ଶଙ୍କର ଜେନା, ଜାପାନ, ବାଟିକିର୍ଣ୍ଣ	ଗୋଚର
୧୪୮		୩୫୨	୦.୦୨	୦.୦୨	ପ୍ରଦ୍ୟୁମ୍ନ ଜେନା ପିତା-ଧର୍ମ୍ମ ଜେନା, ଜାପାନ, ବାଟିକିର୍ଣ୍ଣ	ଗୋଚର
୧୪୯		୩୫୩	୦.୦୩	୦.୦୩	ଅନାଡ଼ି ଜେନା ପିତା-ନନ୍ଦଈର ଜେନା, ବାଟିକିର୍ଣ୍ଣ	ଗୋଚର
୧୫୦		୩୫୪	୦.୦୫	୦.୦୫	କେଶବ ଜେନା ପିତା-ଶଙ୍କର ଜେନା, ଜାପାନ, ବାଟିକିର୍ଣ୍ଣ	ଗୋଚର
୧୫୧		୩୫୫	୦.୦୩	୦.୦୩	କାହ୍ନୁଚରଣ ଜେନା ପିତା-ଜେନା, ଜାପାନ, ବାଟିକିର୍ଣ୍ଣ	ଗୋଚର
୧୫୨		୩୫୬	୦.୦୨	୦.୦୨	ନିମିଷା ଜେନା ପିତା-ଜେନା, ଜାପାନ, ବାଟିକିର୍ଣ୍ଣ	ଗୋଚର
୧୫୩	୨	୬୬	୦.୧୧	୦.୧୧	ଅନାଡ଼ି ଜେନା ପିତା-ନନ୍ଦଈର ଜେନା, ବାଟିକିର୍ଣ୍ଣ	ଗୋଚର
			ମୋଟ	୨୭.୪୧		
ସ୍ୱାକ୍ଷର ମୋଟ ପ୍ଲଟ ସଂଖ୍ୟା :- ୧୫୩ । ଏହି ଅଧ୍ୟଦତ ରକବାରିଁ ଅଧିଗ୍ରହିତ ଭୂମି: ୨୭.୪୧ ଏକର
24001/14/0285/1920
